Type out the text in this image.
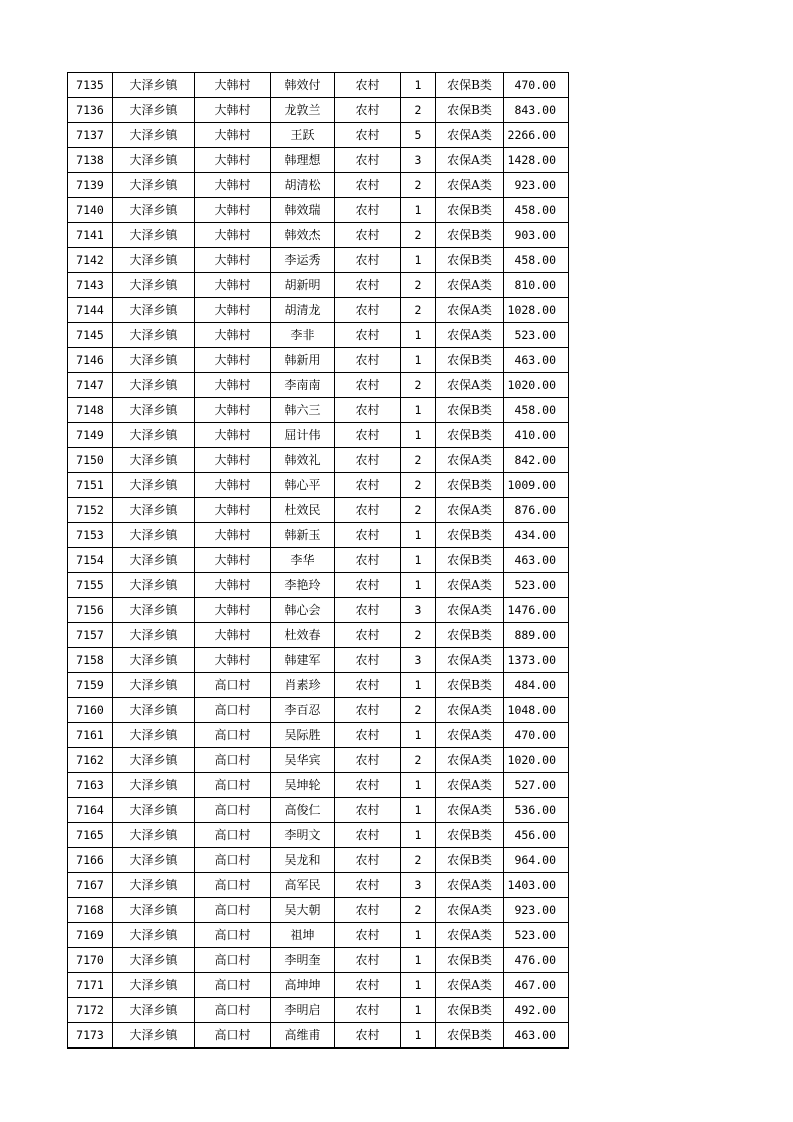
7135	大泽乡镇	大韩村	韩效付	农村	1	农保B类	470.00
7136	大泽乡镇	大韩村	龙敦兰	农村	2	农保B类	843.00
7137	大泽乡镇	大韩村	王跃	农村	5	农保A类	2266.00
7138	大泽乡镇	大韩村	韩理想	农村	3	农保A类	1428.00
7139	大泽乡镇	大韩村	胡清松	农村	2	农保A类	923.00
7140	大泽乡镇	大韩村	韩效瑞	农村	1	农保B类	458.00
7141	大泽乡镇	大韩村	韩效杰	农村	2	农保B类	903.00
7142	大泽乡镇	大韩村	李运秀	农村	1	农保B类	458.00
7143	大泽乡镇	大韩村	胡新明	农村	2	农保A类	810.00
7144	大泽乡镇	大韩村	胡清龙	农村	2	农保A类	1028.00
7145	大泽乡镇	大韩村	李非	农村	1	农保A类	523.00
7146	大泽乡镇	大韩村	韩新用	农村	1	农保B类	463.00
7147	大泽乡镇	大韩村	李南南	农村	2	农保A类	1020.00
7148	大泽乡镇	大韩村	韩六三	农村	1	农保B类	458.00
7149	大泽乡镇	大韩村	屈计伟	农村	1	农保B类	410.00
7150	大泽乡镇	大韩村	韩效礼	农村	2	农保A类	842.00
7151	大泽乡镇	大韩村	韩心平	农村	2	农保B类	1009.00
7152	大泽乡镇	大韩村	杜效民	农村	2	农保A类	876.00
7153	大泽乡镇	大韩村	韩新玉	农村	1	农保B类	434.00
7154	大泽乡镇	大韩村	李华	农村	1	农保B类	463.00
7155	大泽乡镇	大韩村	李艳玲	农村	1	农保A类	523.00
7156	大泽乡镇	大韩村	韩心会	农村	3	农保A类	1476.00
7157	大泽乡镇	大韩村	杜效春	农村	2	农保B类	889.00
7158	大泽乡镇	大韩村	韩建军	农村	3	农保A类	1373.00
7159	大泽乡镇	高口村	肖素珍	农村	1	农保B类	484.00
7160	大泽乡镇	高口村	李百忍	农村	2	农保A类	1048.00
7161	大泽乡镇	高口村	吴际胜	农村	1	农保A类	470.00
7162	大泽乡镇	高口村	吴华宾	农村	2	农保A类	1020.00
7163	大泽乡镇	高口村	吴坤轮	农村	1	农保A类	527.00
7164	大泽乡镇	高口村	高俊仁	农村	1	农保A类	536.00
7165	大泽乡镇	高口村	李明文	农村	1	农保B类	456.00
7166	大泽乡镇	高口村	吴龙和	农村	2	农保B类	964.00
7167	大泽乡镇	高口村	高军民	农村	3	农保A类	1403.00
7168	大泽乡镇	高口村	吴大朝	农村	2	农保A类	923.00
7169	大泽乡镇	高口村	祖坤	农村	1	农保A类	523.00
7170	大泽乡镇	高口村	李明奎	农村	1	农保B类	476.00
7171	大泽乡镇	高口村	高坤坤	农村	1	农保A类	467.00
7172	大泽乡镇	高口村	李明启	农村	1	农保B类	492.00
7173	大泽乡镇	高口村	高维甫	农村	1	农保B类	463.00
